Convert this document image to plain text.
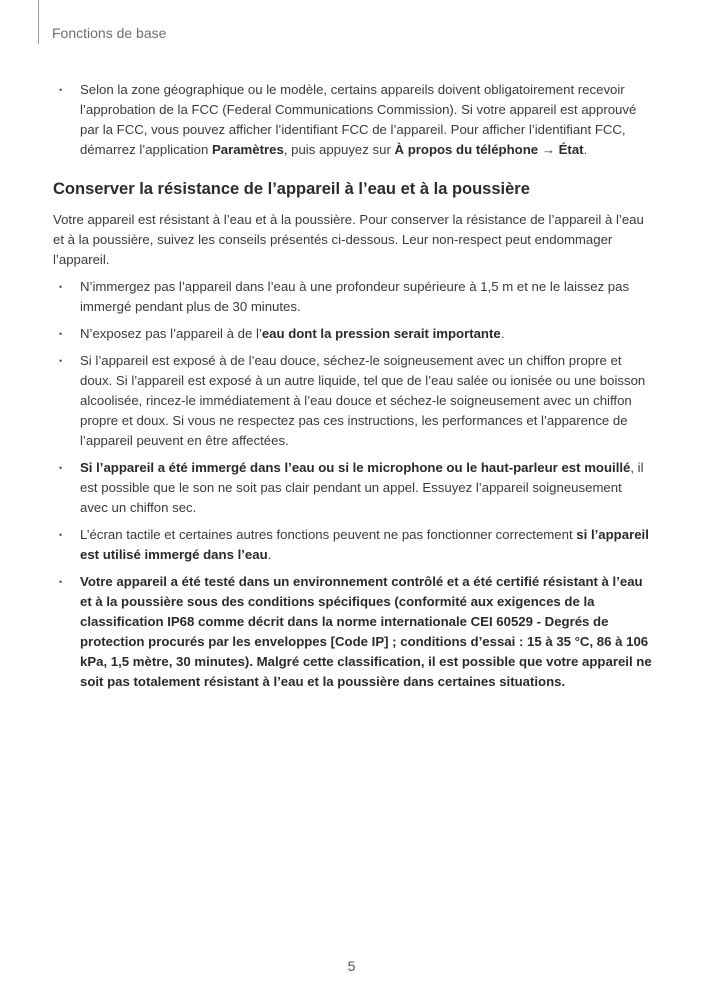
Fonctions de base
• Selon la zone géographique ou le modèle, certains appareils doivent obligatoirement recevoir l’approbation de la FCC (Federal Communications Commission). Si votre appareil est approuvé par la FCC, vous pouvez afficher l’identifiant FCC de l’appareil. Pour afficher l’identifiant FCC, démarrez l’application Paramètres, puis appuyez sur À propos du téléphone → État.
Conserver la résistance de l’appareil à l’eau et à la poussière

Votre appareil est résistant à l’eau et à la poussière. Pour conserver la résistance de l’appareil à l’eau et à la poussière, suivez les conseils présentés ci-dessous. Leur non-respect peut endommager l’appareil.

• N’immergez pas l’appareil dans l’eau à une profondeur supérieure à 1,5 m et ne le laissez pas immergé pendant plus de 30 minutes.
• N’exposez pas l’appareil à de l’eau dont la pression serait importante.
• Si l’appareil est exposé à de l’eau douce, séchez-le soigneusement avec un chiffon propre et doux. Si l’appareil est exposé à un autre liquide, tel que de l’eau salée ou ionisée ou une boisson alcoolisée, rincez-le immédiatement à l’eau douce et séchez-le soigneusement avec un chiffon propre et doux. Si vous ne respectez pas ces instructions, les performances et l’apparence de l’appareil peuvent en être affectées.
• Si l’appareil a été immergé dans l’eau ou si le microphone ou le haut-parleur est mouillé, il est possible que le son ne soit pas clair pendant un appel. Essuyez l’appareil soigneusement avec un chiffon sec.
• L’écran tactile et certaines autres fonctions peuvent ne pas fonctionner correctement si l’appareil est utilisé immergé dans l’eau.
• Votre appareil a été testé dans un environnement contrôlé et a été certifié résistant à l’eau et à la poussière sous des conditions spécifiques (conformité aux exigences de la classification IP68 comme décrit dans la norme internationale CEI 60529 - Degrés de protection procurés par les enveloppes [Code IP] ; conditions d’essai : 15 à 35 °C, 86 à 106 kPa, 1,5 mètre, 30 minutes). Malgré cette classification, il est possible que votre appareil ne soit pas totalement résistant à l’eau et la poussière dans certaines situations.
5
